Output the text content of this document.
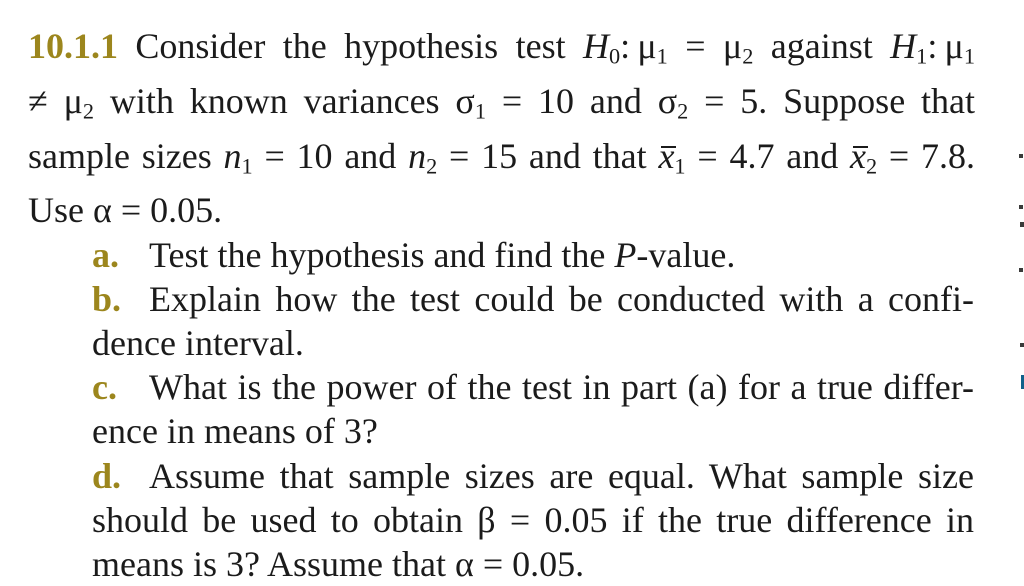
10.1.1 Consider the hypothesis test H0: μ1 = μ2 against H1: μ1
≠ μ2 with known variances σ1 = 10 and σ2 = 5. Suppose that
sample sizes n1 = 10 and n2 = 15 and that x1 = 4.7 and x2 = 7.8.
Use α = 0.05.
a. Test the hypothesis and find the P-value.
b. Explain how the test could be conducted with a confi-
dence interval.
c. What is the power of the test in part (a) for a true differ-
ence in means of 3?
d. Assume that sample sizes are equal. What sample size
should be used to obtain β = 0.05 if the true difference in
means is 3? Assume that α = 0.05.
